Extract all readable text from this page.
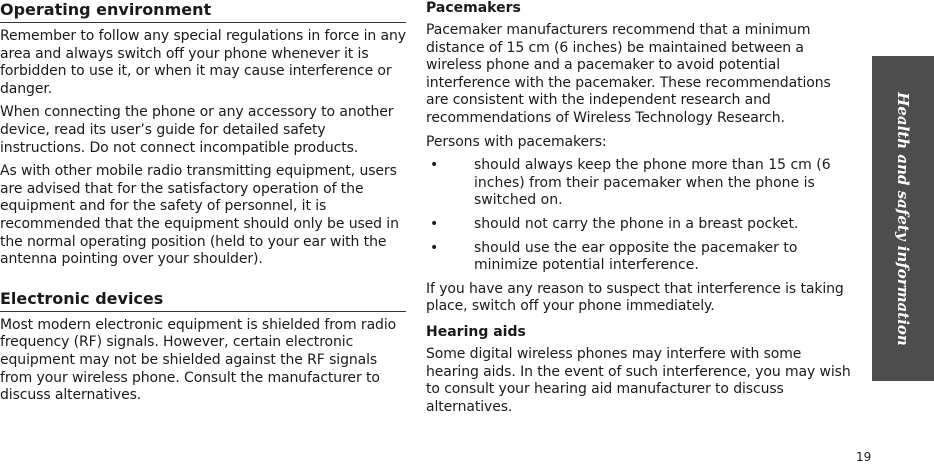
Operating environment

Remember to follow any special regulations in force in any area and always switch off your phone whenever it is forbidden to use it, or when it may cause interference or danger.

When connecting the phone or any accessory to another device, read its user’s guide for detailed safety instructions. Do not connect incompatible products.

As with other mobile radio transmitting equipment, users are advised that for the satisfactory operation of the equipment and for the safety of personnel, it is recommended that the equipment should only be used in the normal operating position (held to your ear with the antenna pointing over your shoulder).

Electronic devices

Most modern electronic equipment is shielded from radio frequency (RF) signals. However, certain electronic equipment may not be shielded against the RF signals from your wireless phone. Consult the manufacturer to discuss alternatives.

Pacemakers

Pacemaker manufacturers recommend that a minimum distance of 15 cm (6 inches) be maintained between a wireless phone and a pacemaker to avoid potential interference with the pacemaker. These recommendations are consistent with the independent research and recommendations of Wireless Technology Research.

Persons with pacemakers:

•	should always keep the phone more than 15 cm (6 inches) from their pacemaker when the phone is switched on.
•	should not carry the phone in a breast pocket.
•	should use the ear opposite the pacemaker to minimize potential interference.

If you have any reason to suspect that interference is taking place, switch off your phone immediately.

Hearing aids

Some digital wireless phones may interfere with some hearing aids. In the event of such interference, you may wish to consult your hearing aid manufacturer to discuss alternatives.

Health and safety information
19
